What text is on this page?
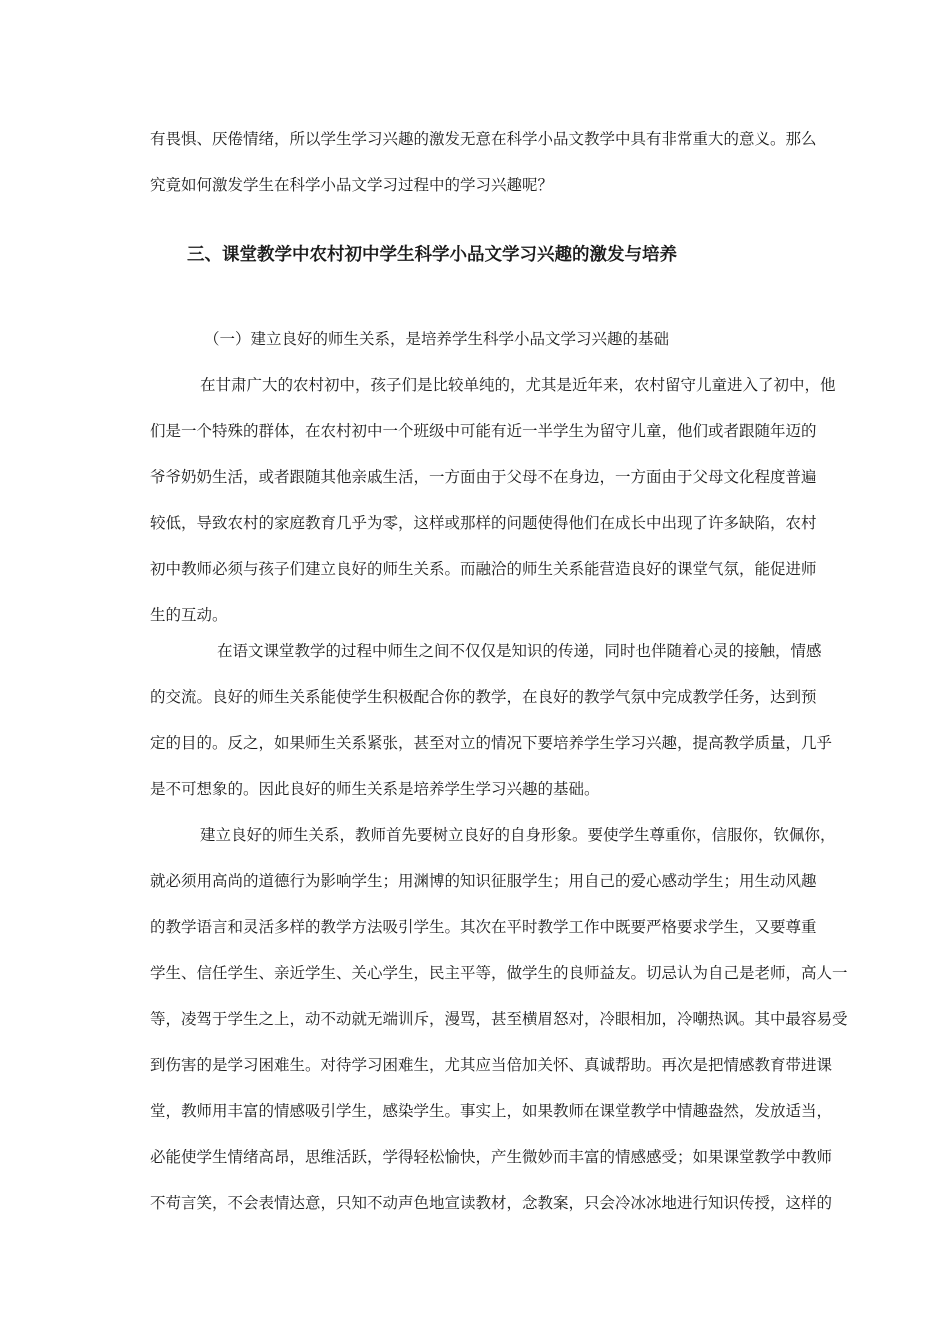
有畏惧、厌倦情绪，所以学生学习兴趣的激发无意在科学小品文教学中具有非常重大的意义。那么
究竟如何激发学生在科学小品文学习过程中的学习兴趣呢？
三、课堂教学中农村初中学生科学小品文学习兴趣的激发与培养
（一）建立良好的师生关系，是培养学生科学小品文学习兴趣的基础
在甘肃广大的农村初中，孩子们是比较单纯的，尤其是近年来，农村留守儿童进入了初中，他
们是一个特殊的群体，在农村初中一个班级中可能有近一半学生为留守儿童，他们或者跟随年迈的
爷爷奶奶生活，或者跟随其他亲戚生活，一方面由于父母不在身边，一方面由于父母文化程度普遍
较低，导致农村的家庭教育几乎为零，这样或那样的问题使得他们在成长中出现了许多缺陷，农村
初中教师必须与孩子们建立良好的师生关系。而融洽的师生关系能营造良好的课堂气氛，能促进师
生的互动。
在语文课堂教学的过程中师生之间不仅仅是知识的传递，同时也伴随着心灵的接触，情感
的交流。良好的师生关系能使学生积极配合你的教学，在良好的教学气氛中完成教学任务，达到预
定的目的。反之，如果师生关系紧张，甚至对立的情况下要培养学生学习兴趣，提高教学质量，几乎
是不可想象的。因此良好的师生关系是培养学生学习兴趣的基础。
建立良好的师生关系，教师首先要树立良好的自身形象。要使学生尊重你，信服你，钦佩你，
就必须用高尚的道德行为影响学生；用渊博的知识征服学生；用自己的爱心感动学生；用生动风趣
的教学语言和灵活多样的教学方法吸引学生。其次在平时教学工作中既要严格要求学生，又要尊重
学生、信任学生、亲近学生、关心学生，民主平等，做学生的良师益友。切忌认为自己是老师，高人一
等，凌驾于学生之上，动不动就无端训斥，漫骂，甚至横眉怒对，冷眼相加，冷嘲热讽。其中最容易受
到伤害的是学习困难生。对待学习困难生，尤其应当倍加关怀、真诚帮助。再次是把情感教育带进课
堂，教师用丰富的情感吸引学生，感染学生。事实上，如果教师在课堂教学中情趣盎然，发放适当，
必能使学生情绪高昂，思维活跃，学得轻松愉快，产生微妙而丰富的情感感受；如果课堂教学中教师
不苟言笑，不会表情达意，只知不动声色地宣读教材，念教案，只会冷冰冰地进行知识传授，这样的
